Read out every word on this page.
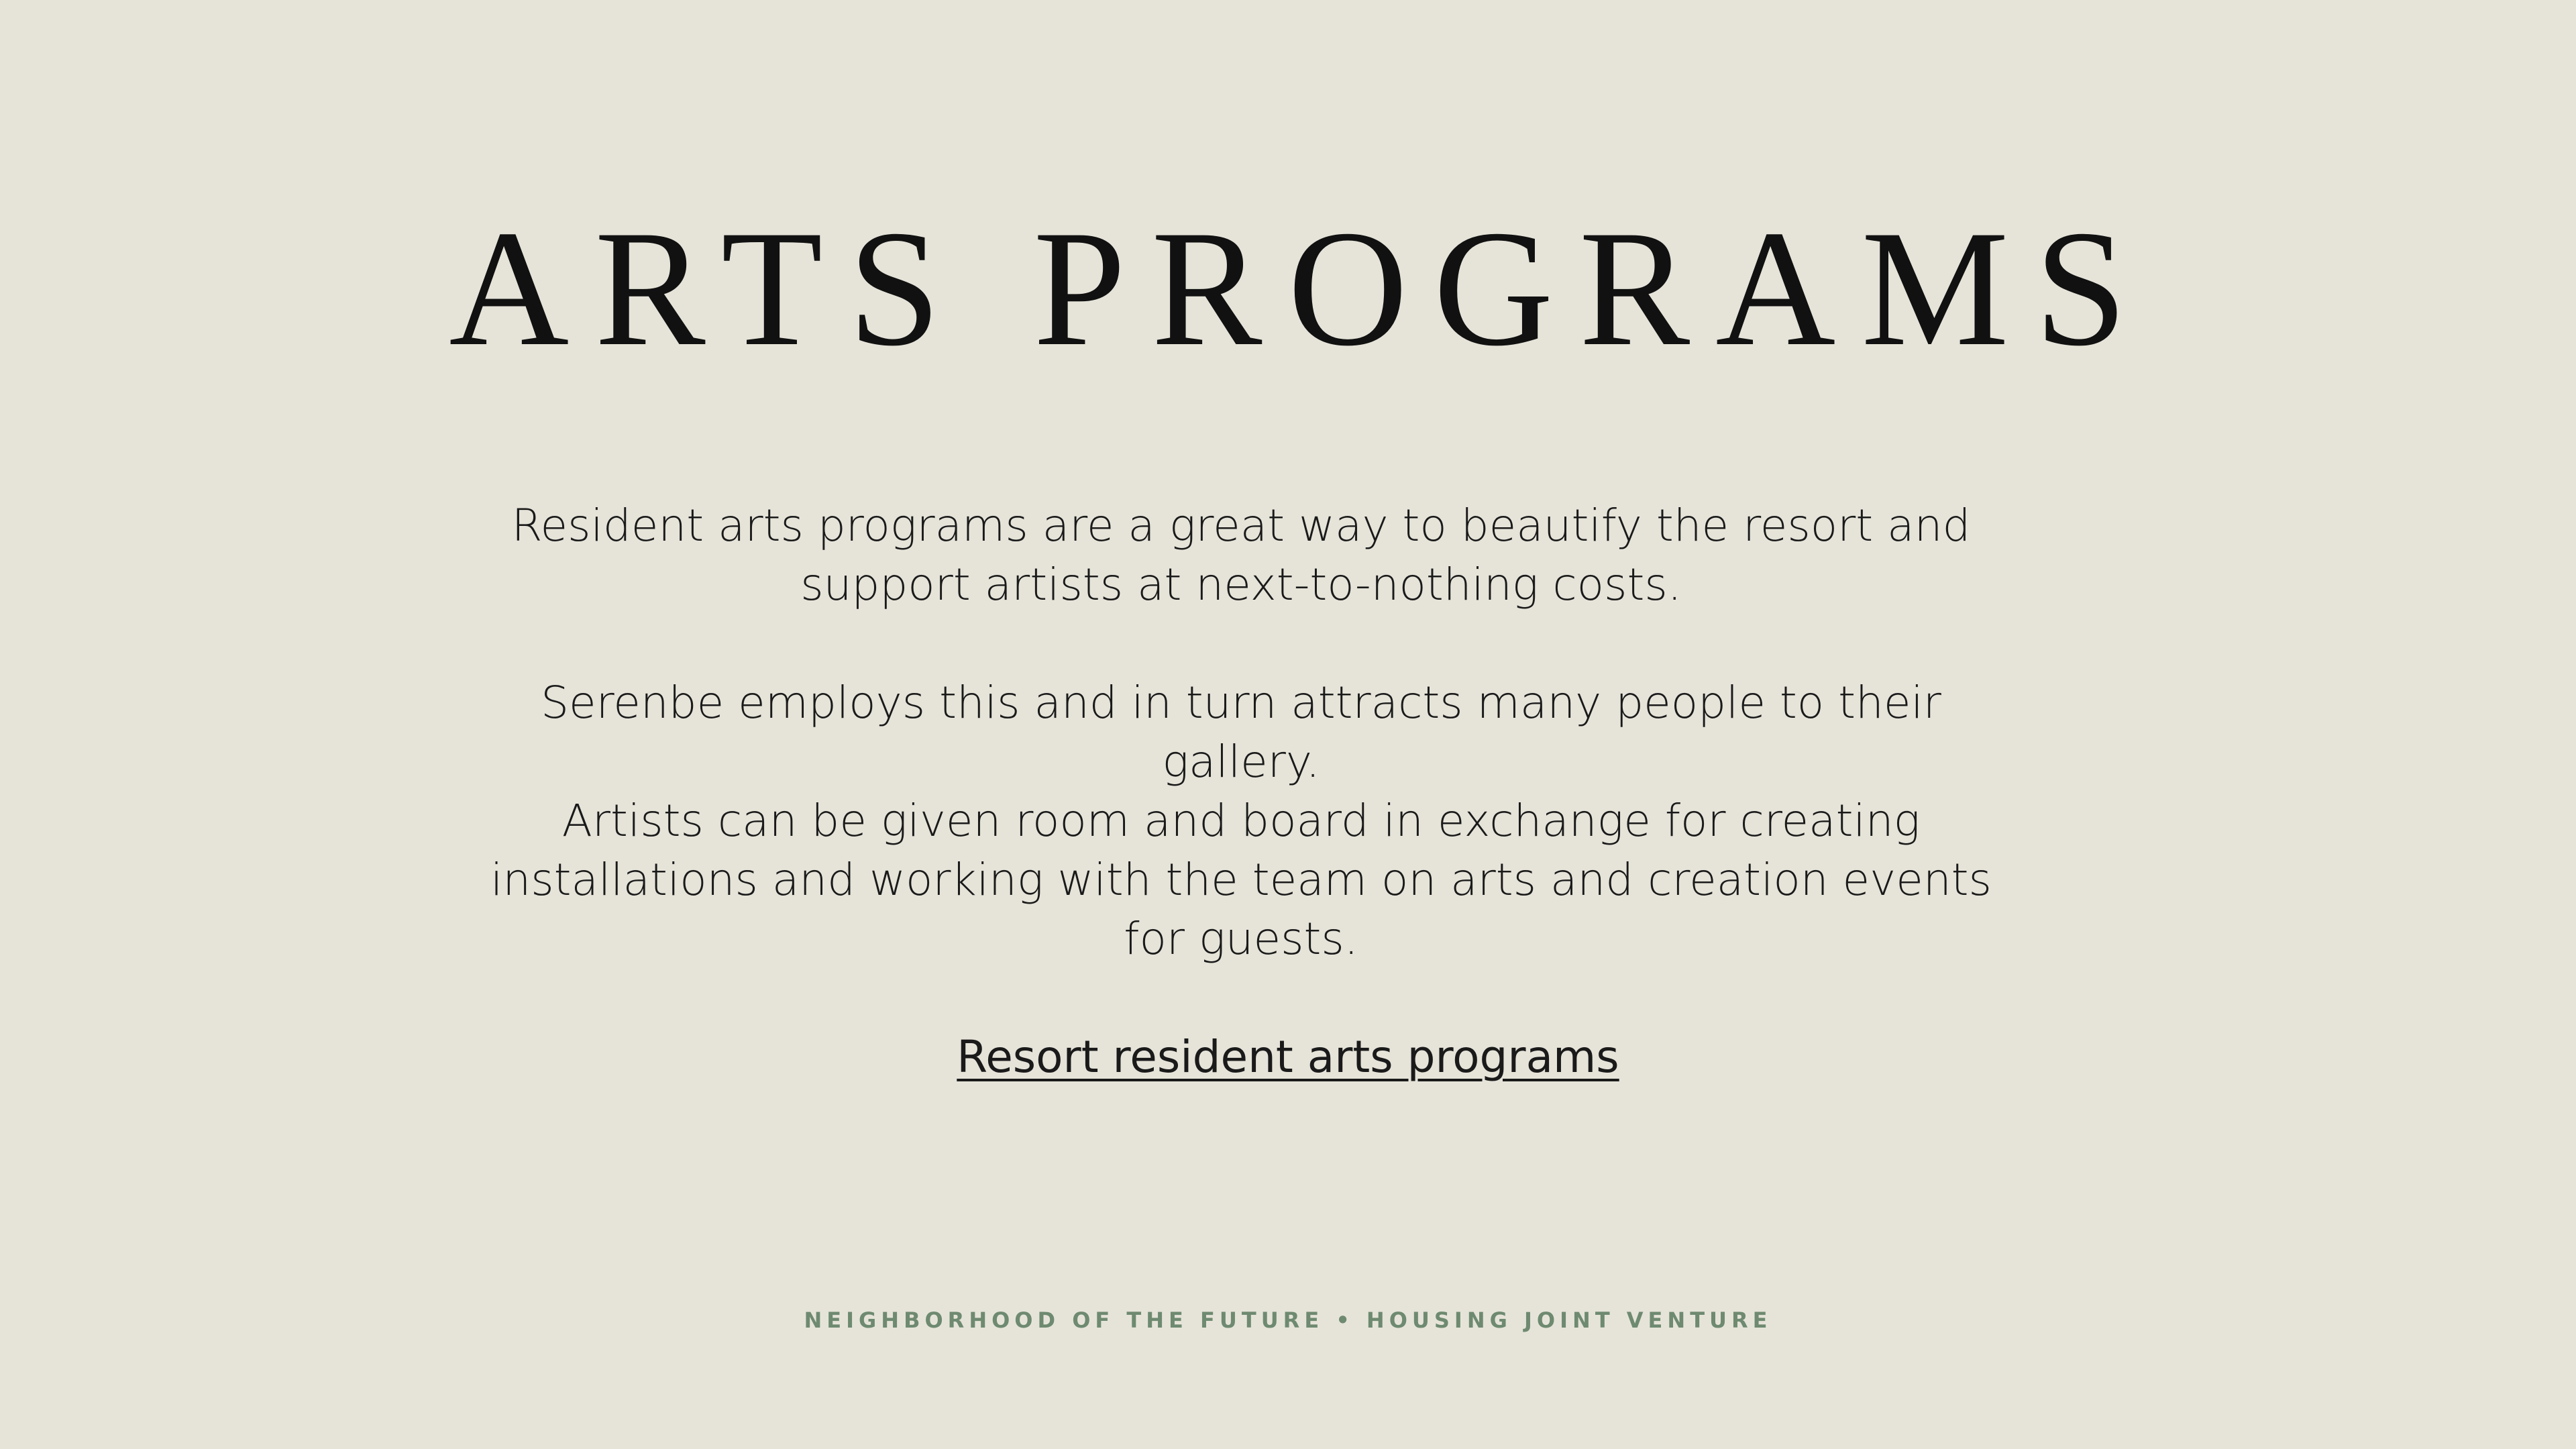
ARTS PROGRAMS

Resident arts programs are a great way to beautify the resort and support artists at next-to-nothing costs.

Serenbe employs this and in turn attracts many people to their gallery.

Artists can be given room and board in exchange for creating installations and working with the team on arts and creation events for guests.

Resort resident arts programs
NEIGHBORHOOD OF THE FUTURE • HOUSING JOINT VENTURE
